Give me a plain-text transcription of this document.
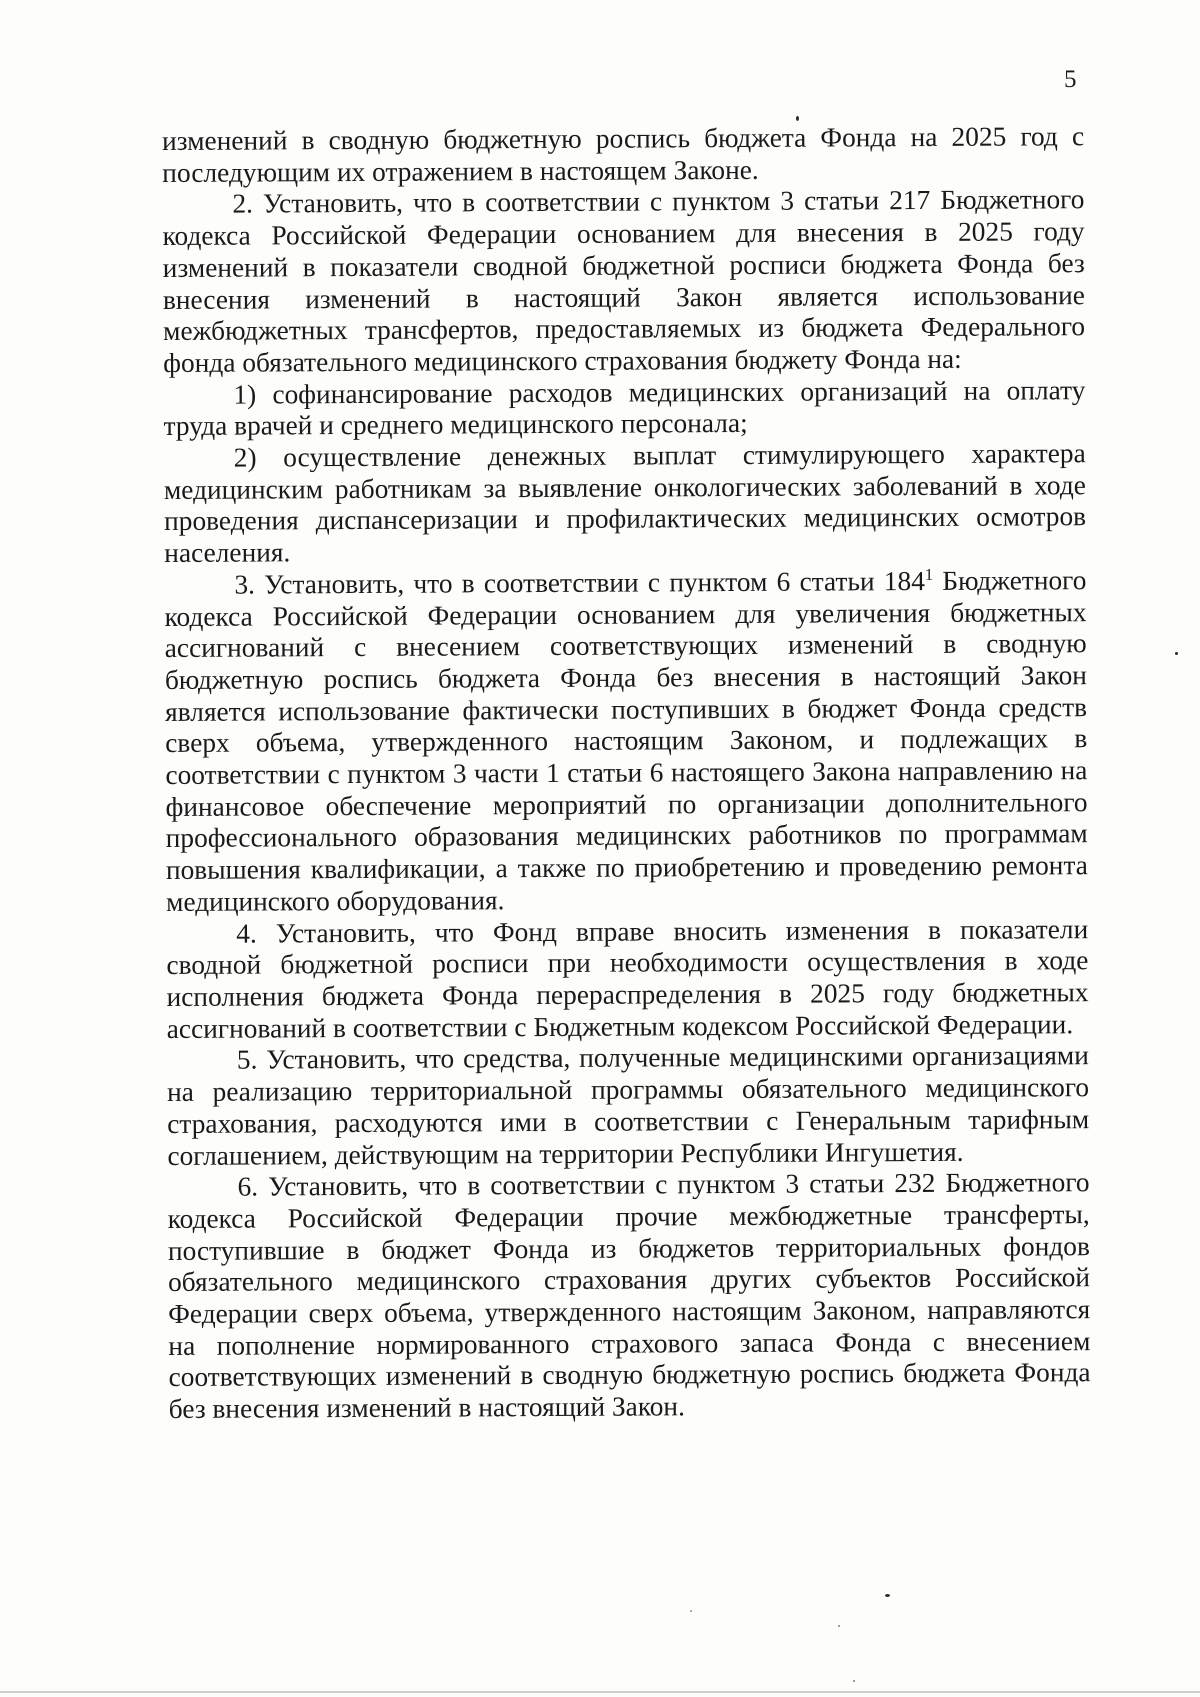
5

изменений в сводную бюджетную роспись бюджета Фонда на 2025 год с последующим их отражением в настоящем Законе.

2. Установить, что в соответствии с пунктом 3 статьи 217 Бюджетного кодекса Российской Федерации основанием для внесения в 2025 году изменений в показатели сводной бюджетной росписи бюджета Фонда без внесения изменений в настоящий Закон является использование межбюджетных трансфертов, предоставляемых из бюджета Федерального фонда обязательного медицинского страхования бюджету Фонда на:

1) софинансирование расходов медицинских организаций на оплату труда врачей и среднего медицинского персонала;

2) осуществление денежных выплат стимулирующего характера медицинским работникам за выявление онкологических заболеваний в ходе проведения диспансеризации и профилактических медицинских осмотров населения.

3. Установить, что в соответствии с пунктом 6 статьи $184^1$ Бюджетного кодекса Российской Федерации основанием для увеличения бюджетных ассигнований с внесением соответствующих изменений в сводную бюджетную роспись бюджета Фонда без внесения в настоящий Закон является использование фактически поступивших в бюджет Фонда средств сверх объема, утвержденного настоящим Законом, и подлежащих в соответствии с пунктом 3 части 1 статьи 6 настоящего Закона направлению на финансовое обеспечение мероприятий по организации дополнительного профессионального образования медицинских работников по программам повышения квалификации, а также по приобретению и проведению ремонта медицинского оборудования.

4. Установить, что Фонд вправе вносить изменения в показатели сводной бюджетной росписи при необходимости осуществления в ходе исполнения бюджета Фонда перераспределения в 2025 году бюджетных ассигнований в соответствии с Бюджетным кодексом Российской Федерации.

5. Установить, что средства, полученные медицинскими организациями на реализацию территориальной программы обязательного медицинского страхования, расходуются ими в соответствии с Генеральным тарифным соглашением, действующим на территории Республики Ингушетия.

6. Установить, что в соответствии с пунктом 3 статьи 232 Бюджетного кодекса Российской Федерации прочие межбюджетные трансферты, поступившие в бюджет Фонда из бюджетов территориальных фондов обязательного медицинского страхования других субъектов Российской Федерации сверх объема, утвержденного настоящим Законом, направляются на пополнение нормированного страхового запаса Фонда с внесением соответствующих изменений в сводную бюджетную роспись бюджета Фонда без внесения изменений в настоящий Закон.
